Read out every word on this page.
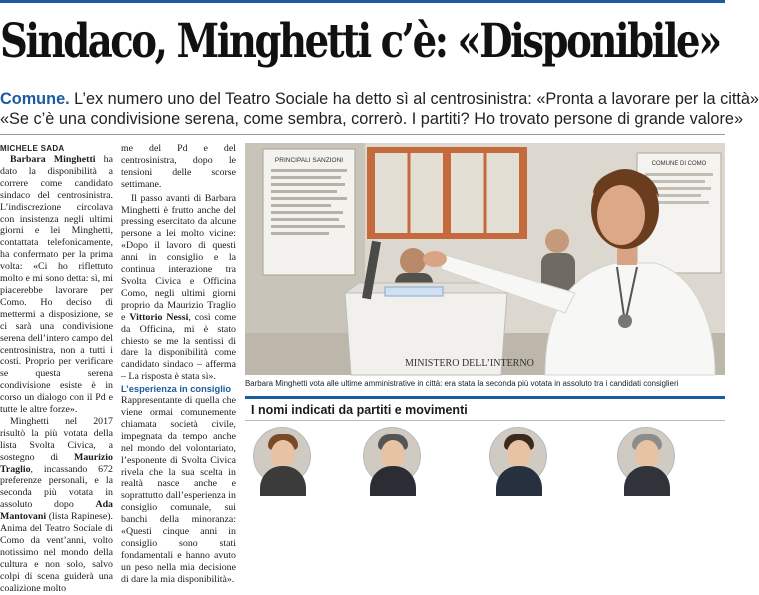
Sindaco, Minghetti c’è: «Disponibile»
Comune. L’ex numero uno del Teatro Sociale ha detto sì al centrosinistra: «Pronta a lavorare per la città»
«Se c’è una condivisione serena, come sembra, correrò. I partiti? Ho trovato persone di grande valore»
MICHELE SADA

Barbara Minghetti ha dato la disponibilità a correre come candidato sindaco del centrosinistra. L’indiscrezione circolava con insistenza negli ultimi giorni e lei Minghetti, contattata telefonicamente, ha confermato per la prima volta: «Ci ho riflettuto molto e mi sono detta: sì, mi piacerebbe lavorare per Como. Ho deciso di mettermi a disposizione, se ci sarà una condivisione serena dell’intero campo del centrosinistra, non a tutti i costi. Proprio per verificare se questa serena condivisione esiste è in corso un dialogo con il Pd e tutte le altre forze».

Minghetti nel 2017 risultò la più votata della lista Svolta Civica, a sostegno di Maurizio Traglio, incassando 672 preferenze personali, e la seconda più votata in assoluto dopo Ada Mantovani (lista Rapinese). Anima del Teatro Sociale di Como da vent’anni, volto notissimo nel mondo della cultura e non solo, salvo colpi di scena guiderà una coalizione molto

me del Pd e del centrosinistra, dopo le tensioni delle scorse settimane.

Il passo avanti di Barbara Minghetti è frutto anche del pressing esercitato da alcune persone a lei molto vicine: «Dopo il lavoro di questi anni in consiglio e la continua interazione tra Svolta Civica e Officina Como, negli ultimi giorni proprio da Maurizio Traglio e Vittorio Nessi, così come da Officina, mi è stato chiesto se me la sentissi di dare la disponibilità come candidato sindaco – afferma – La risposta è stata sì».

L’esperienza in consiglio

Rappresentante di quella che viene ormai comunemente chiamata società civile, impegnata da tempo anche nel mondo del volontariato, l’esponente di Svolta Civica rivela che la sua scelta in realtà nasce anche e soprattutto dall’esperienza in consiglio comunale, sui banchi della minoranza: «Questi cinque anni in consiglio sono stati fondamentali e hanno avuto un peso nella mia decisione di dare la mia disponibilità».

PRINCIPALI SANZIONI	COMUNE DI COMO
MINISTERO DELL’INTERNO
Barbara Minghetti vota alle ultime amministrative in città: era stata la seconda più votata in assoluto tra i candidati consiglieri
I nomi indicati da partiti e movimenti
